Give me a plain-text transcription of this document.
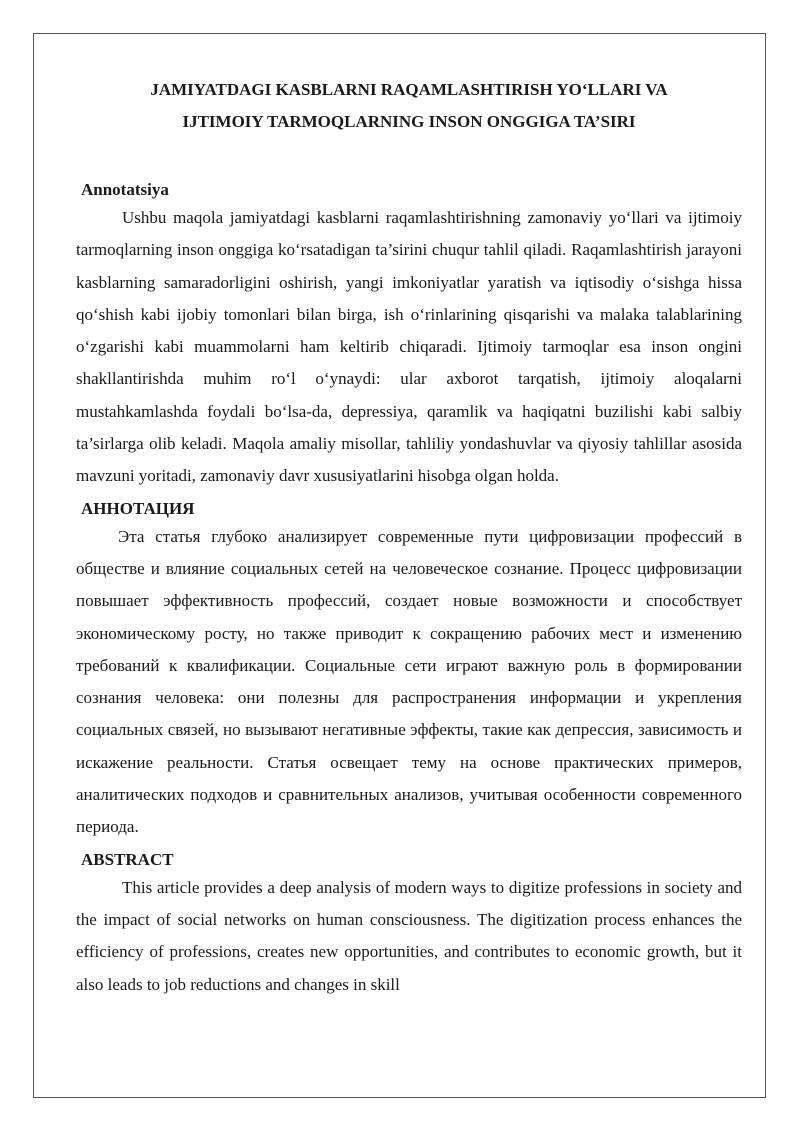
JAMIYATDAGI KASBLARNI RAQAMLASHTIRISH YO‘LLARI VA
IJTIMOIY TARMOQLARNING INSON ONGGIGA TA’SIRI
Annotatsiya

Ushbu maqola jamiyatdagi kasblarni raqamlashtirishning zamonaviy yo‘llari va ijtimoiy tarmoqlarning inson onggiga ko‘rsatadigan ta’sirini chuqur tahlil qiladi. Raqamlashtirish jarayoni kasblarning samaradorligini oshirish, yangi imkoniyatlar yaratish va iqtisodiy o‘sishga hissa qo‘shish kabi ijobiy tomonlari bilan birga, ish o‘rinlarining qisqarishi va malaka talablarining o‘zgarishi kabi muammolarni ham keltirib chiqaradi. Ijtimoiy tarmoqlar esa inson ongini shakllantirishda muhim ro‘l o‘ynaydi: ular axborot tarqatish, ijtimoiy aloqalarni mustahkamlashda foydali bo‘lsa-da, depressiya, qaramlik va haqiqatni buzilishi kabi salbiy ta’sirlarga olib keladi. Maqola amaliy misollar, tahliliy yondashuvlar va qiyosiy tahlillar asosida mavzuni yoritadi, zamonaviy davr xususiyatlarini hisobga olgan holda.

АННОТАЦИЯ

Эта статья глубоко анализирует современные пути цифровизации профессий в обществе и влияние социальных сетей на человеческое сознание. Процесс цифровизации повышает эффективность профессий, создает новые возможности и способствует экономическому росту, но также приводит к сокращению рабочих мест и изменению требований к квалификации. Социальные сети играют важную роль в формировании сознания человека: они полезны для распространения информации и укрепления социальных связей, но вызывают негативные эффекты, такие как депрессия, зависимость и искажение реальности. Статья освещает тему на основе практических примеров, аналитических подходов и сравнительных анализов, учитывая особенности современного периода.

ABSTRACT

This article provides a deep analysis of modern ways to digitize professions in society and the impact of social networks on human consciousness. The digitization process enhances the efficiency of professions, creates new opportunities, and contributes to economic growth, but it also leads to job reductions and changes in skill
